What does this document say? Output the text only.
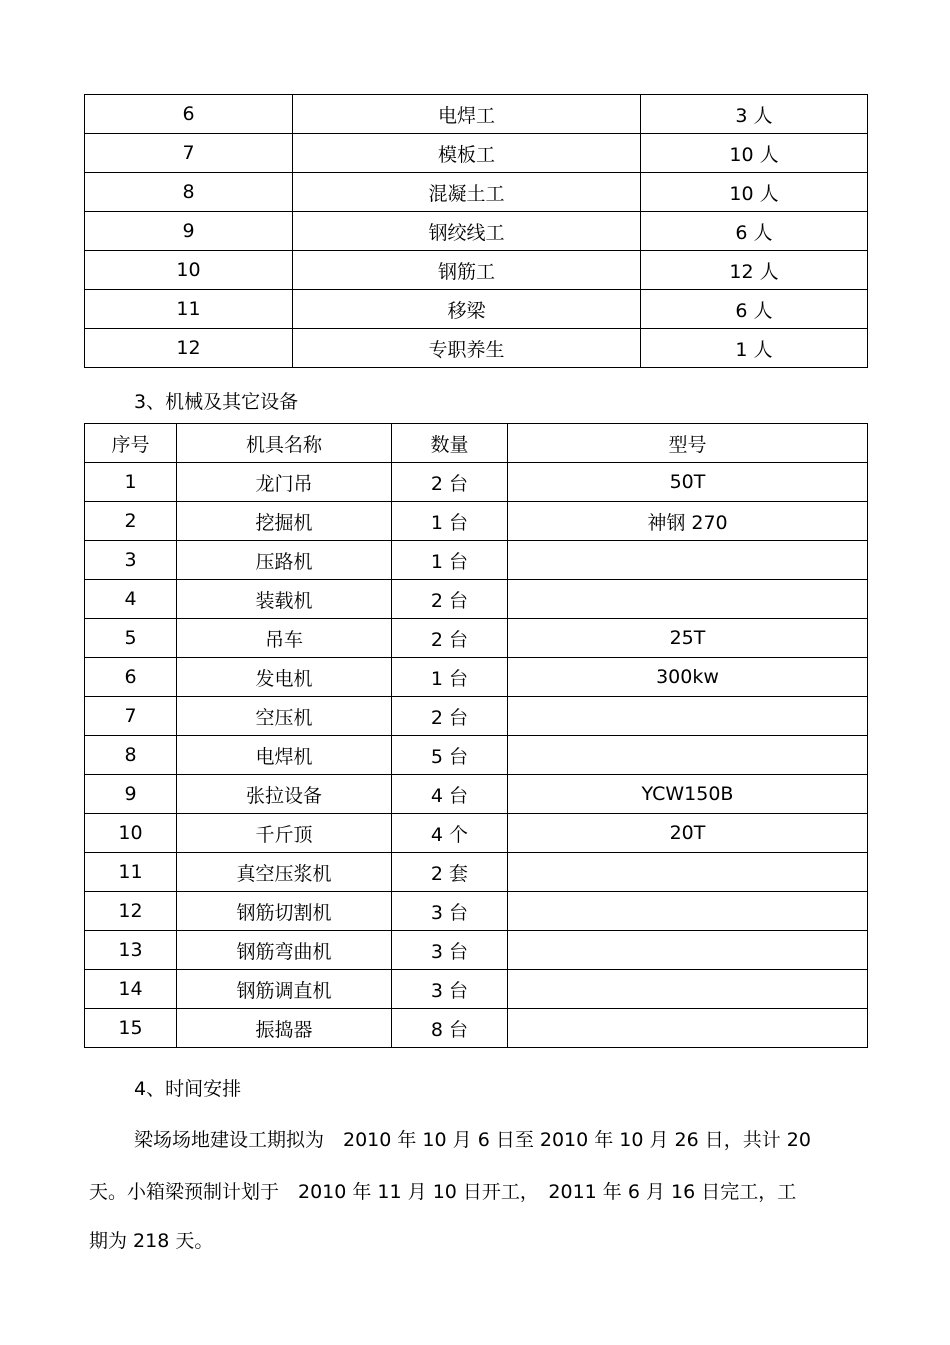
6	电焊工	3 人
7	模板工	10 人
8	混凝土工	10 人
9	钢绞线工	6 人
10	钢筋工	12 人
11	移梁	6 人
12	专职养生	1 人
3、机械及其它设备
序号	机具名称	数量	型号
1	龙门吊	2 台	50T
2	挖掘机	1 台	神钢 270
3	压路机	1 台	
4	装载机	2 台	
5	吊车	2 台	25T
6	发电机	1 台	300kw
7	空压机	2 台	
8	电焊机	5 台	
9	张拉设备	4 台	YCW150B
10	千斤顶	4 个	20T
11	真空压浆机	2 套	
12	钢筋切割机	3 台	
13	钢筋弯曲机	3 台	
14	钢筋调直机	3 台	
15	振捣器	8 台	
4、时间安排
梁场场地建设工期拟为　2010 年 10 月 6 日至 2010 年 10 月 26 日，共计 20
天。小箱梁预制计划于　2010 年 11 月 10 日开工，　2011 年 6 月 16 日完工，工
期为 218 天。
